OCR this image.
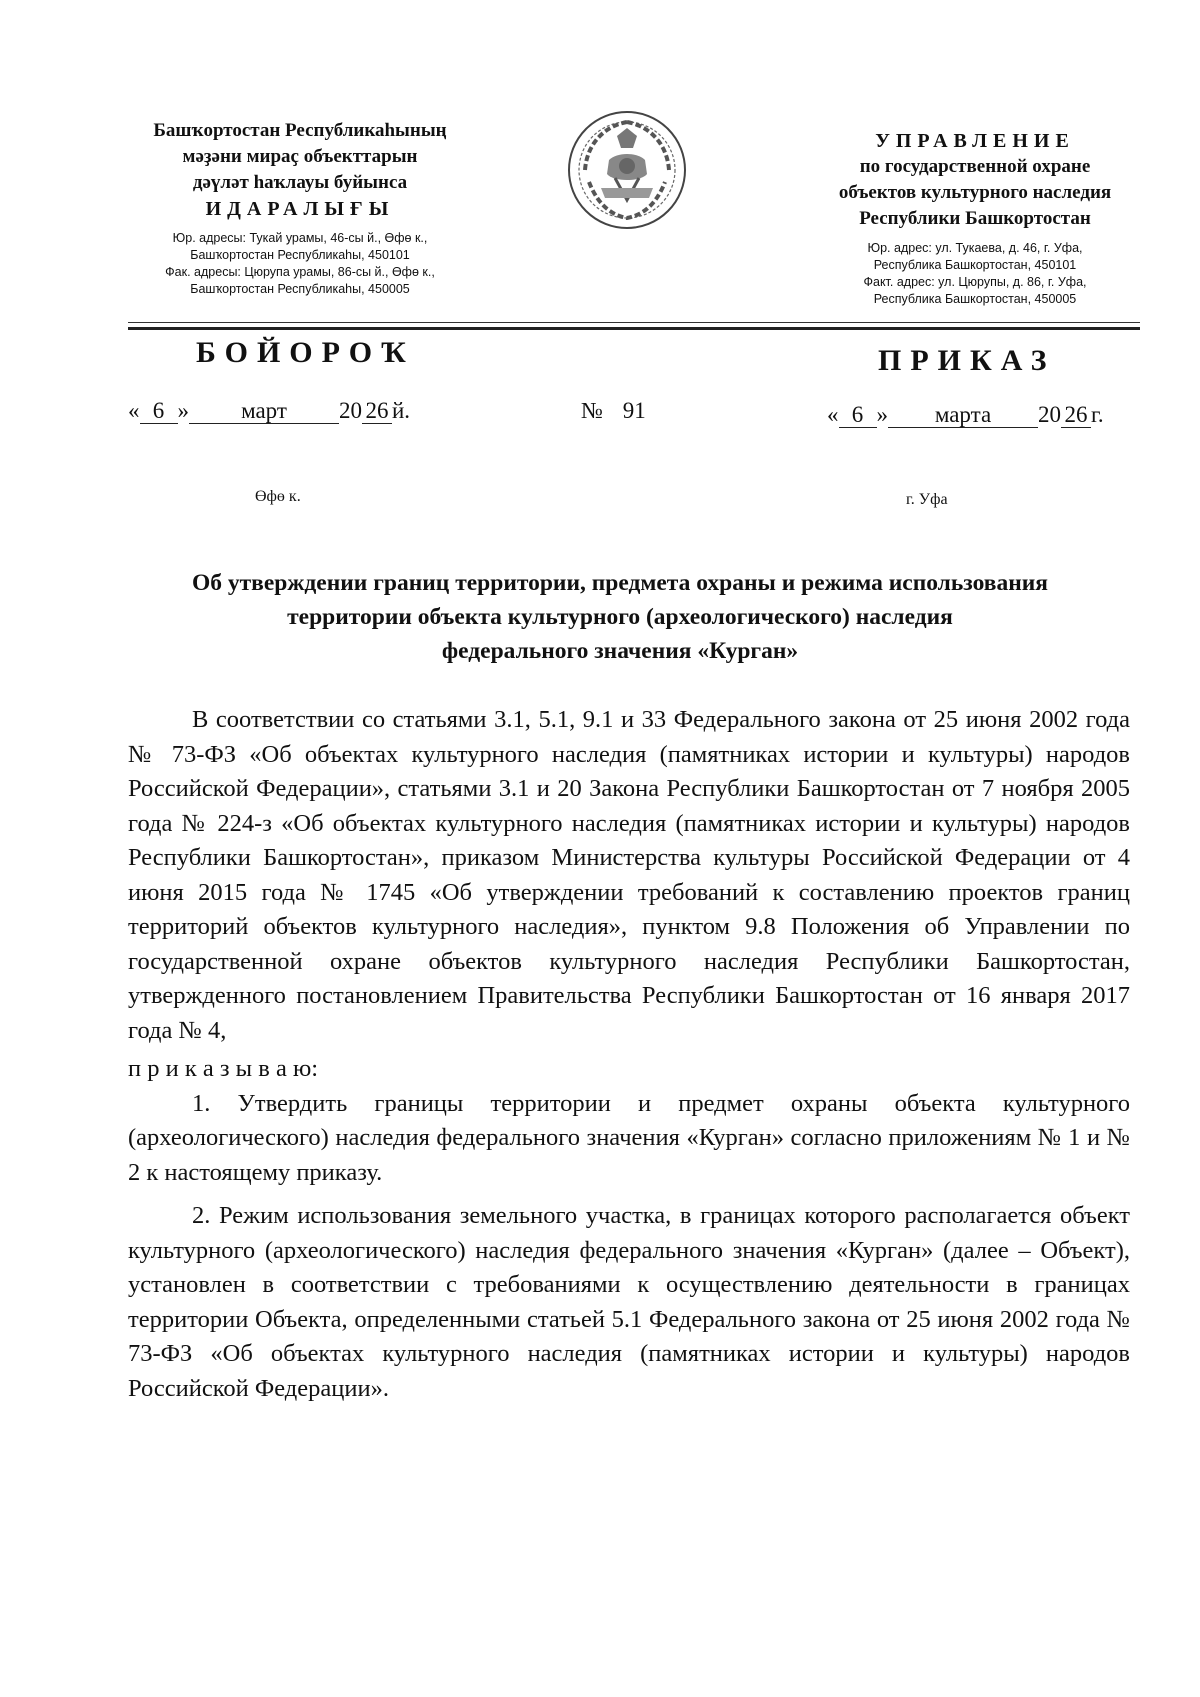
Башҡортостан Республикаһының
мәҙәни мираҫ объекттарын
дәүләт һаҡлауы буйынса
ИДАРАЛЫҒЫ
Юр. адресы: Тукай урамы, 46-сы й., Өфө к.,
Башҡортостан Республикаһы, 450101
Фак. адресы: Цюрупа урамы, 86-сы й., Өфө к.,
Башҡортостан Республикаһы, 450005
УПРАВЛЕНИЕ
по государственной охране
объектов культурного наследия
Республики Башкортостан
Юр. адрес: ул. Тукаева, д. 46, г. Уфа,
Республика Башкортостан, 450101
Факт. адрес: ул. Цюрупы, д. 86, г. Уфа,
Республика Башкортостан, 450005
БОЙОРОҠ	ПРИКАЗ
« 6 » март 20 26 й.	№ 91	« 6 » марта 20 26 г.
Өфө к.	г. Уфа
Об утверждении границ территории, предмета охраны и режима использования
территории объекта культурного (археологического) наследия
федерального значения «Курган»

В соответствии со статьями 3.1, 5.1, 9.1 и 33 Федерального закона от 25 июня 2002 года № 73-ФЗ «Об объектах культурного наследия (памятниках истории и культуры) народов Российской Федерации», статьями 3.1 и 20 Закона Республики Башкортостан от 7 ноября 2005 года № 224-з «Об объектах культурного наследия (памятниках истории и культуры) народов Республики Башкортостан», приказом Министерства культуры Российской Федерации от 4 июня 2015 года № 1745 «Об утверждении требований к составлению проектов границ территорий объектов культурного наследия», пунктом 9.8 Положения об Управлении по государственной охране объектов культурного наследия Республики Башкортостан, утвержденного постановлением Правительства Республики Башкортостан от 16 января 2017 года № 4,

п р и к а з ы в а ю:

1. Утвердить границы территории и предмет охраны объекта культурного (археологического) наследия федерального значения «Курган» согласно приложениям № 1 и № 2 к настоящему приказу.

2. Режим использования земельного участка, в границах которого располагается объект культурного (археологического) наследия федерального значения «Курган» (далее – Объект), установлен в соответствии с требованиями к осуществлению деятельности в границах территории Объекта, определенными статьей 5.1 Федерального закона от 25 июня 2002 года № 73-ФЗ «Об объектах культурного наследия (памятниках истории и культуры) народов Российской Федерации».
